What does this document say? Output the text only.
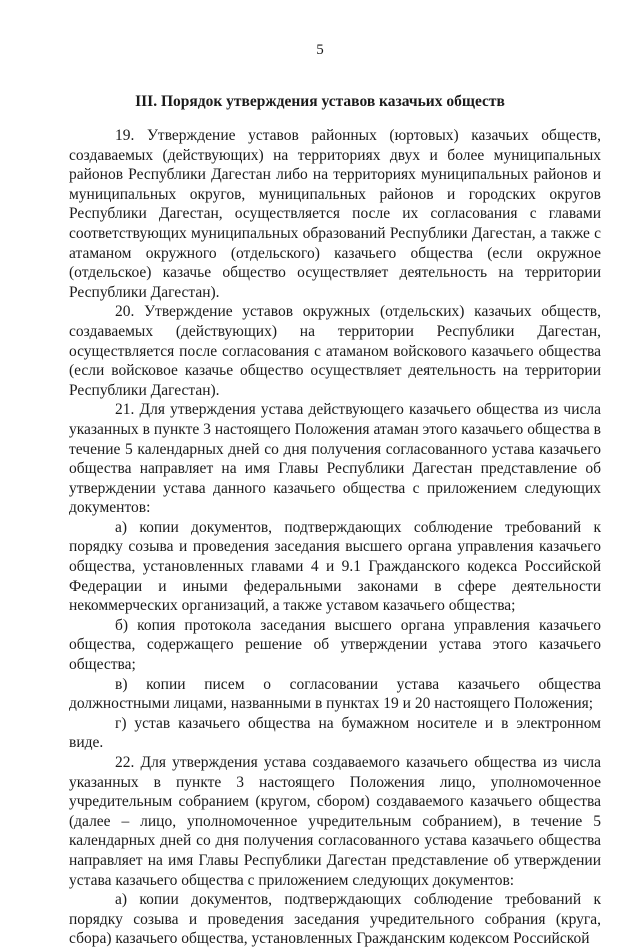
5
III. Порядок утверждения уставов казачьих обществ

19. Утверждение уставов районных (юртовых) казачьих обществ, создаваемых (действующих) на территориях двух и более муниципальных районов Республики Дагестан либо на территориях муниципальных районов и муниципальных округов, муниципальных районов и городских округов Республики Дагестан, осуществляется после их согласования с главами соответствующих муниципальных образований Республики Дагестан, а также с атаманом окружного (отдельского) казачьего общества (если окружное (отдельское) казачье общество осуществляет деятельность на территории Республики Дагестан).

20. Утверждение уставов окружных (отдельских) казачьих обществ, создаваемых (действующих) на территории Республики Дагестан, осуществляется после согласования с атаманом войскового казачьего общества (если войсковое казачье общество осуществляет деятельность на территории Республики Дагестан).

21. Для утверждения устава действующего казачьего общества из числа указанных в пункте 3 настоящего Положения атаман этого казачьего общества в течение 5 календарных дней со дня получения согласованного устава казачьего общества направляет на имя Главы Республики Дагестан представление об утверждении устава данного казачьего общества с приложением следующих документов:

а) копии документов, подтверждающих соблюдение требований к порядку созыва и проведения заседания высшего органа управления казачьего общества, установленных главами 4 и 9.1 Гражданского кодекса Российской Федерации и иными федеральными законами в сфере деятельности некоммерческих организаций, а также уставом казачьего общества;

б) копия протокола заседания высшего органа управления казачьего общества, содержащего решение об утверждении устава этого казачьего общества;

в) копии писем о согласовании устава казачьего общества должностными лицами, названными в пунктах 19 и 20 настоящего Положения;

г) устав казачьего общества на бумажном носителе и в электронном виде.

22. Для утверждения устава создаваемого казачьего общества из числа указанных в пункте 3 настоящего Положения лицо, уполномоченное учредительным собранием (кругом, сбором) создаваемого казачьего общества (далее – лицо, уполномоченное учредительным собранием), в течение 5 календарных дней со дня получения согласованного устава казачьего общества направляет на имя Главы Республики Дагестан представление об утверждении устава казачьего общества с приложением следующих документов:

а) копии документов, подтверждающих соблюдение требований к порядку созыва и проведения заседания учредительного собрания (круга, сбора) казачьего общества, установленных Гражданским кодексом Российской
